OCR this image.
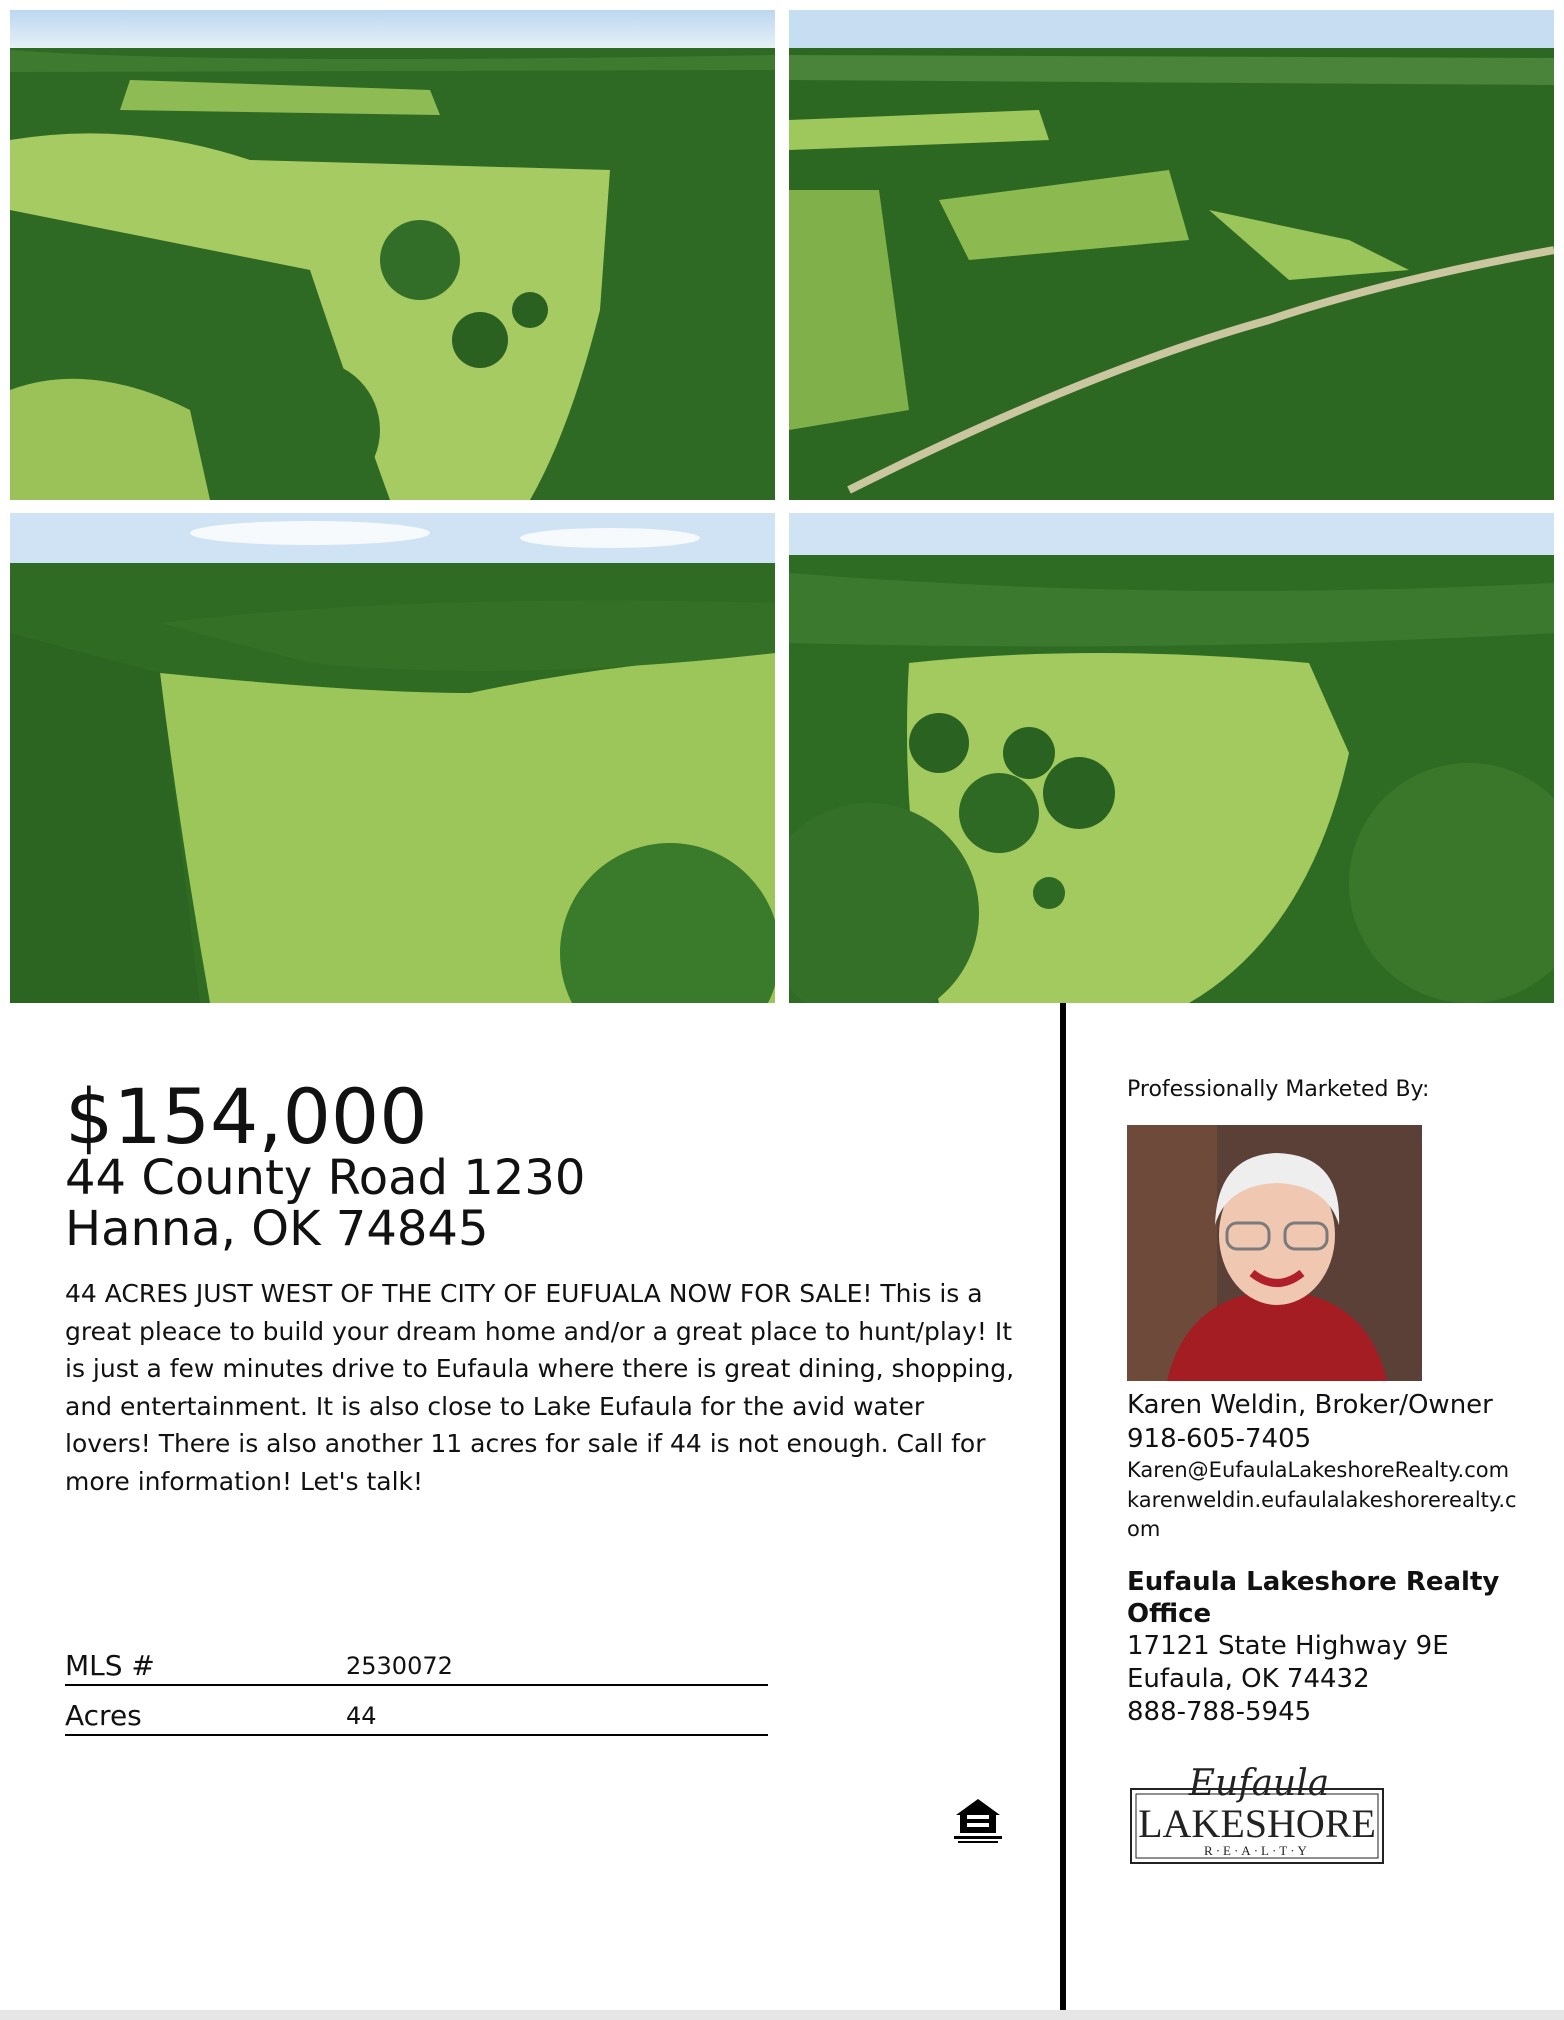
$154,000
44 County Road 1230
Hanna, OK 74845
44 ACRES JUST WEST OF THE CITY OF EUFUALA NOW FOR SALE! This is a great pleace to build your dream home and/or a great place to hunt/play! It is just a few minutes drive to Eufaula where there is great dining, shopping, and entertainment. It is also close to Lake Eufaula for the avid water lovers! There is also another 11 acres for sale if 44 is not enough. Call for more information! Let's talk!
MLS #	2530072
Acres	44
Professionally Marketed By:
Karen Weldin, Broker/Owner
918-605-7405
Karen@EufaulaLakeshoreRealty.com
karenweldin.eufaulalakeshorerealty.com
Eufaula Lakeshore Realty Office
17121 State Highway 9E
Eufaula, OK 74432
888-788-5945
Eufaula
LAKESHORE
R·E·A·L·T·Y
